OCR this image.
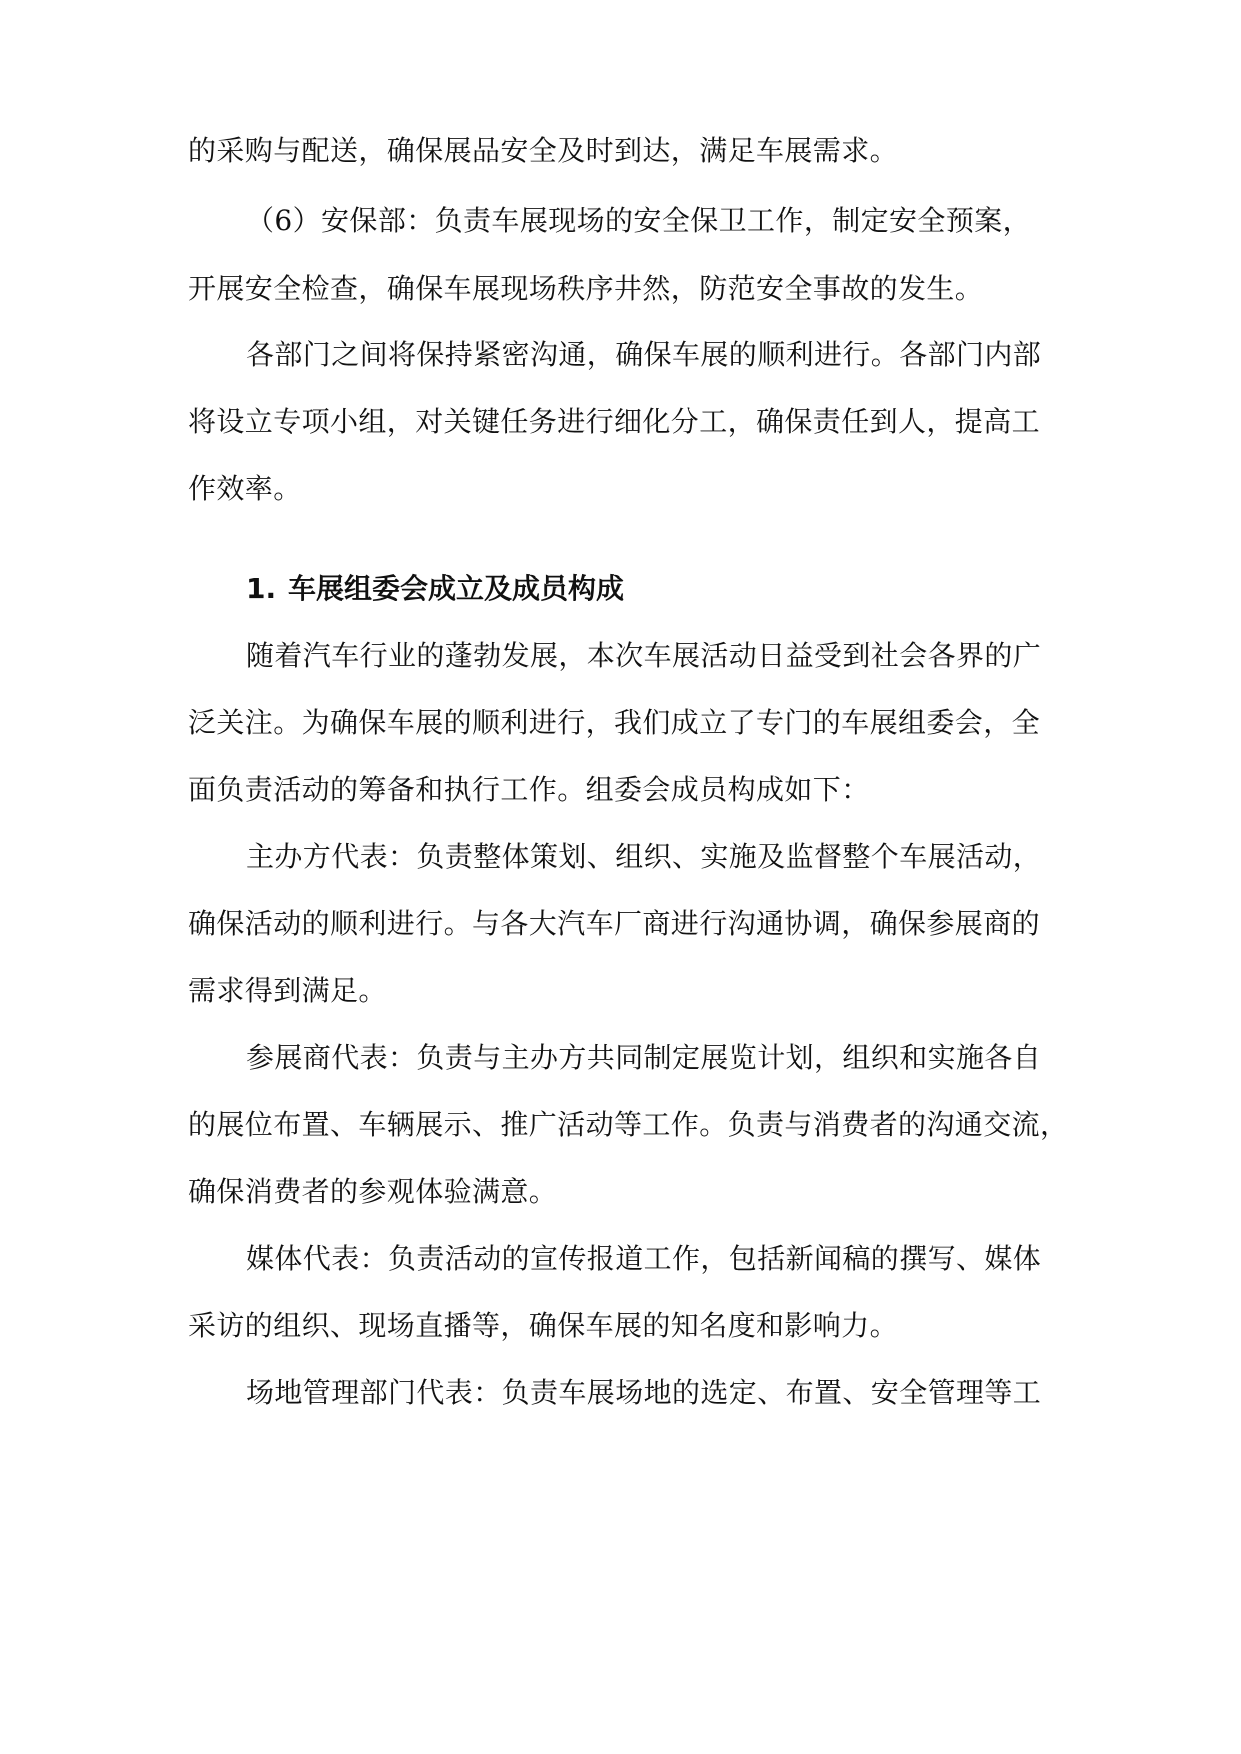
的采购与配送，确保展品安全及时到达，满足车展需求。
（6）安保部：负责车展现场的安全保卫工作，制定安全预案，
开展安全检查，确保车展现场秩序井然，防范安全事故的发生。
各部门之间将保持紧密沟通，确保车展的顺利进行。各部门内部
将设立专项小组，对关键任务进行细化分工，确保责任到人，提高工
作效率。
1. 车展组委会成立及成员构成
随着汽车行业的蓬勃发展，本次车展活动日益受到社会各界的广
泛关注。为确保车展的顺利进行，我们成立了专门的车展组委会，全
面负责活动的筹备和执行工作。组委会成员构成如下：
主办方代表：负责整体策划、组织、实施及监督整个车展活动，
确保活动的顺利进行。与各大汽车厂商进行沟通协调，确保参展商的
需求得到满足。
参展商代表：负责与主办方共同制定展览计划，组织和实施各自
的展位布置、车辆展示、推广活动等工作。负责与消费者的沟通交流，
确保消费者的参观体验满意。
媒体代表：负责活动的宣传报道工作，包括新闻稿的撰写、媒体
采访的组织、现场直播等，确保车展的知名度和影响力。
场地管理部门代表：负责车展场地的选定、布置、安全管理等工
